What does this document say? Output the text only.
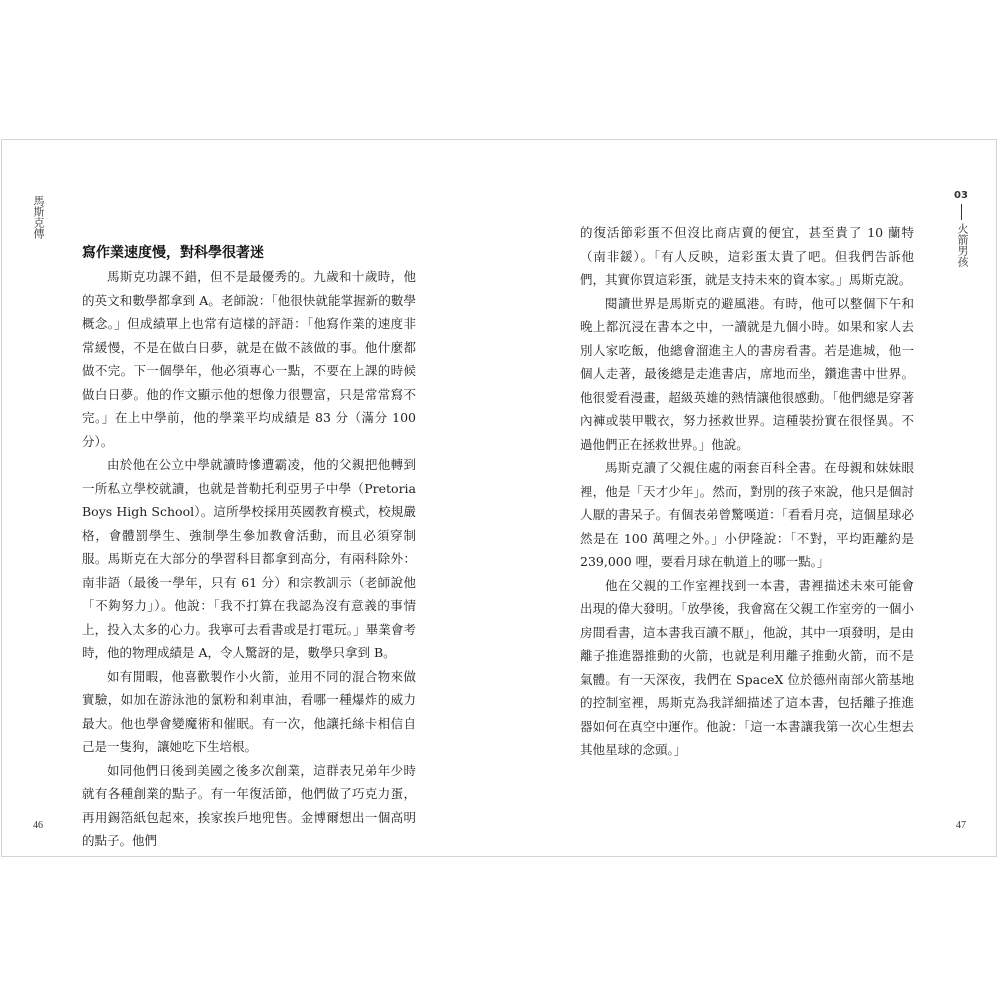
馬斯克傳	03
火箭男孩
寫作業速度慢，對科學很著迷

馬斯克功課不錯，但不是最優秀的。九歲和十歲時，他的英文和數學都拿到 A。老師說：「他很快就能掌握新的數學概念。」但成績單上也常有這樣的評語：「他寫作業的速度非常緩慢，不是在做白日夢，就是在做不該做的事。他什麼都做不完。下一個學年，他必須專心一點，不要在上課的時候做白日夢。他的作文顯示他的想像力很豐富，只是常常寫不完。」在上中學前，他的學業平均成績是 83 分（滿分 100 分）。

由於他在公立中學就讀時慘遭霸凌，他的父親把他轉到一所私立學校就讀，也就是普勒托利亞男子中學（Pretoria Boys High School）。這所學校採用英國教育模式，校規嚴格，會體罰學生、強制學生參加教會活動，而且必須穿制服。馬斯克在大部分的學習科目都拿到高分，有兩科除外：南非語（最後一學年，只有 61 分）和宗教訓示（老師說他「不夠努力」）。他說：「我不打算在我認為沒有意義的事情上，投入太多的心力。我寧可去看書或是打電玩。」畢業會考時，他的物理成績是 A，令人驚訝的是，數學只拿到 B。

如有閒暇，他喜歡製作小火箭，並用不同的混合物來做實驗，如加在游泳池的氯粉和剎車油，看哪一種爆炸的威力最大。他也學會變魔術和催眠。有一次，他讓托絲卡相信自己是一隻狗，讓她吃下生培根。

如同他們日後到美國之後多次創業，這群表兄弟年少時就有各種創業的點子。有一年復活節，他們做了巧克力蛋，再用錫箔紙包起來，挨家挨戶地兜售。金博爾想出一個高明的點子。他們

的復活節彩蛋不但沒比商店賣的便宜，甚至貴了 10 蘭特（南非鍰）。「有人反映，這彩蛋太貴了吧。但我們告訴他們，其實你買這彩蛋，就是支持未來的資本家。」馬斯克說。

閱讀世界是馬斯克的避風港。有時，他可以整個下午和晚上都沉浸在書本之中，一讀就是九個小時。如果和家人去別人家吃飯，他總會溜進主人的書房看書。若是進城，他一個人走著，最後總是走進書店，席地而坐，鑽進書中世界。他很愛看漫畫，超級英雄的熱情讓他很感動。「他們總是穿著內褲或裝甲戰衣，努力拯救世界。這種裝扮實在很怪異。不過他們正在拯救世界。」他說。

馬斯克讀了父親住處的兩套百科全書。在母親和妹妹眼裡，他是「天才少年」。然而，對別的孩子來說，他只是個討人厭的書呆子。有個表弟曾驚嘆道：「看看月亮，這個星球必然是在 100 萬哩之外。」小伊隆說：「不對，平均距離約是 239,000 哩，要看月球在軌道上的哪一點。」

他在父親的工作室裡找到一本書，書裡描述未來可能會出現的偉大發明。「放學後，我會窩在父親工作室旁的一個小房間看書，這本書我百讀不厭」，他說，其中一項發明，是由離子推進器推動的火箭，也就是利用離子推動火箭，而不是氣體。有一天深夜，我們在 SpaceX 位於德州南部火箭基地的控制室裡，馬斯克為我詳細描述了這本書，包括離子推進器如何在真空中運作。他說：「這一本書讓我第一次心生想去其他星球的念頭。」

46	47
